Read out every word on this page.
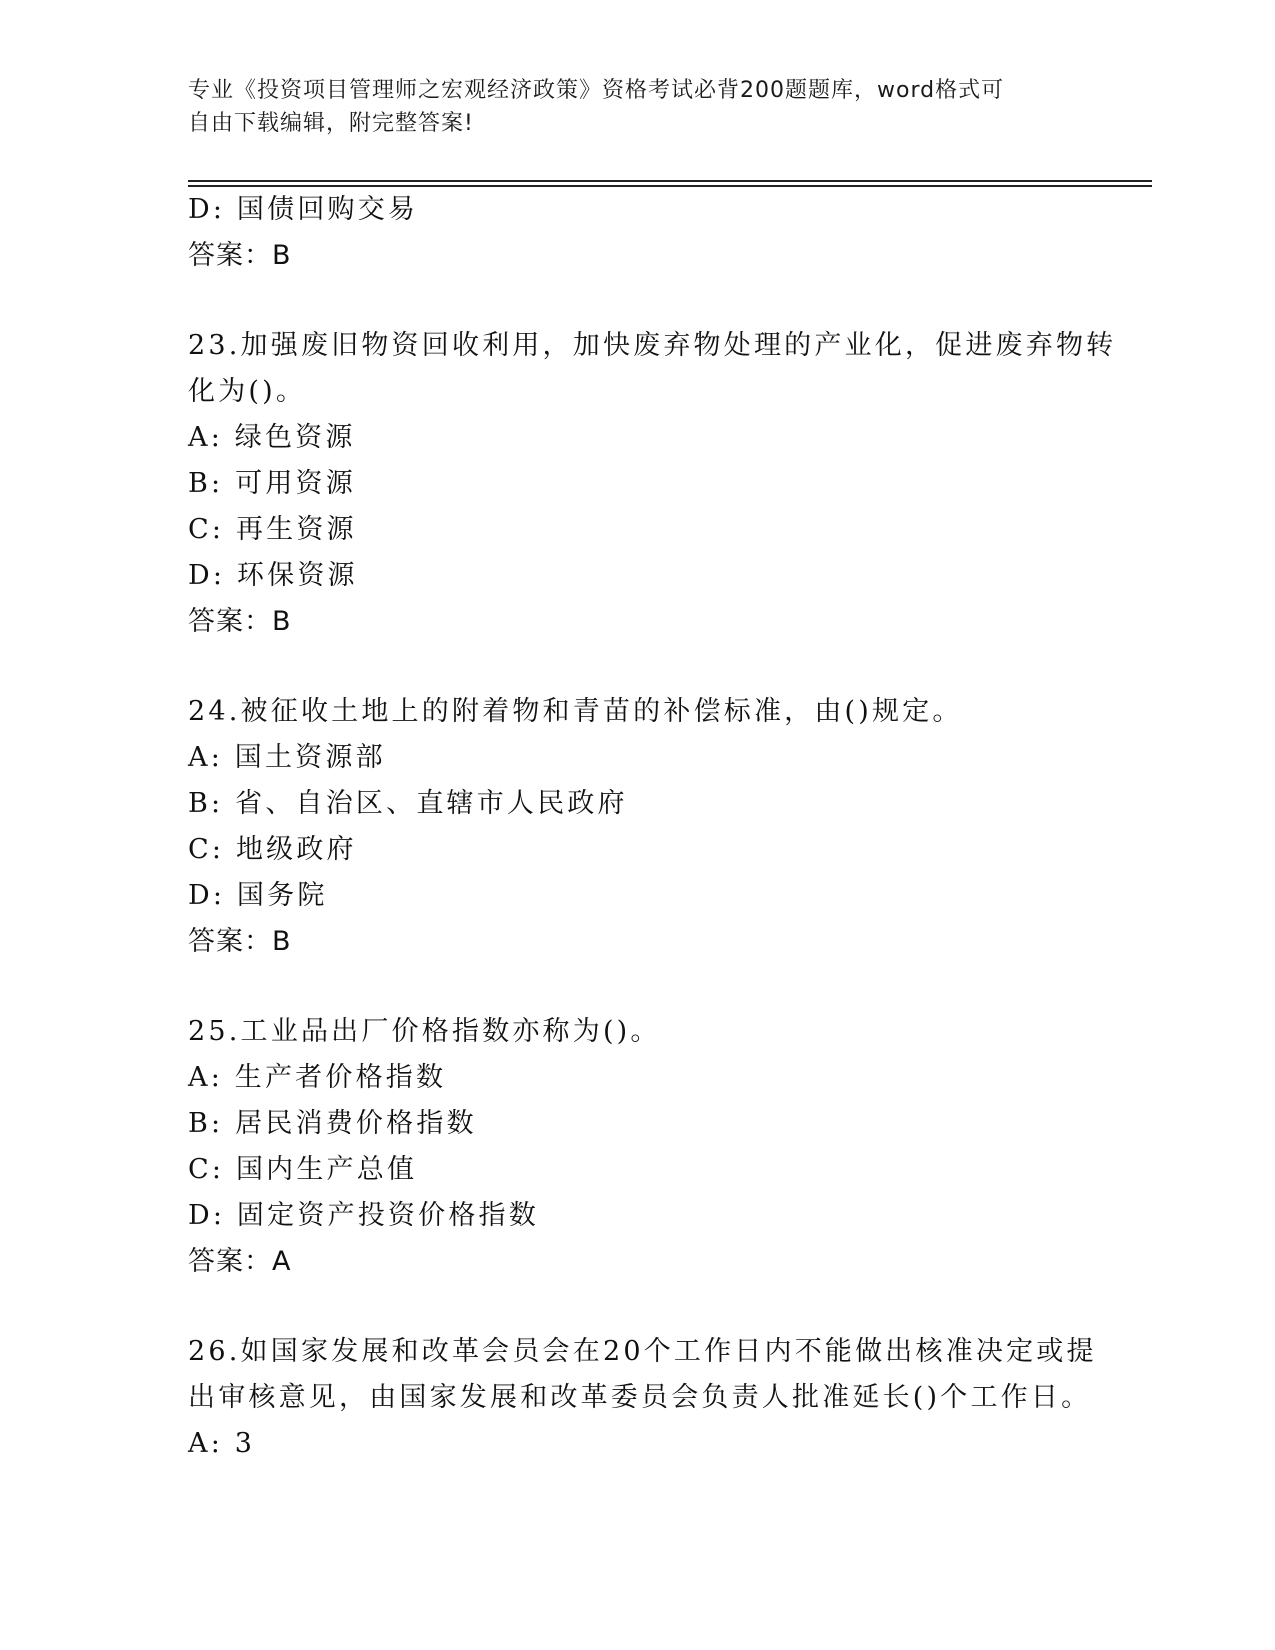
专业《投资项目管理师之宏观经济政策》资格考试必背200题题库，word格式可
自由下载编辑，附完整答案!
D: 国债回购交易
答案：B
23.加强废旧物资回收利用，加快废弃物处理的产业化，促进废弃物转
化为()。
A: 绿色资源
B: 可用资源
C: 再生资源
D: 环保资源
答案：B
24.被征收土地上的附着物和青苗的补偿标准，由()规定。
A: 国土资源部
B: 省、自治区、直辖市人民政府
C: 地级政府
D: 国务院
答案：B
25.工业品出厂价格指数亦称为()。
A: 生产者价格指数
B: 居民消费价格指数
C: 国内生产总值
D: 固定资产投资价格指数
答案：A
26.如国家发展和改革会员会在20个工作日内不能做出核准决定或提
出审核意见，由国家发展和改革委员会负责人批准延长()个工作日。
A: 3
